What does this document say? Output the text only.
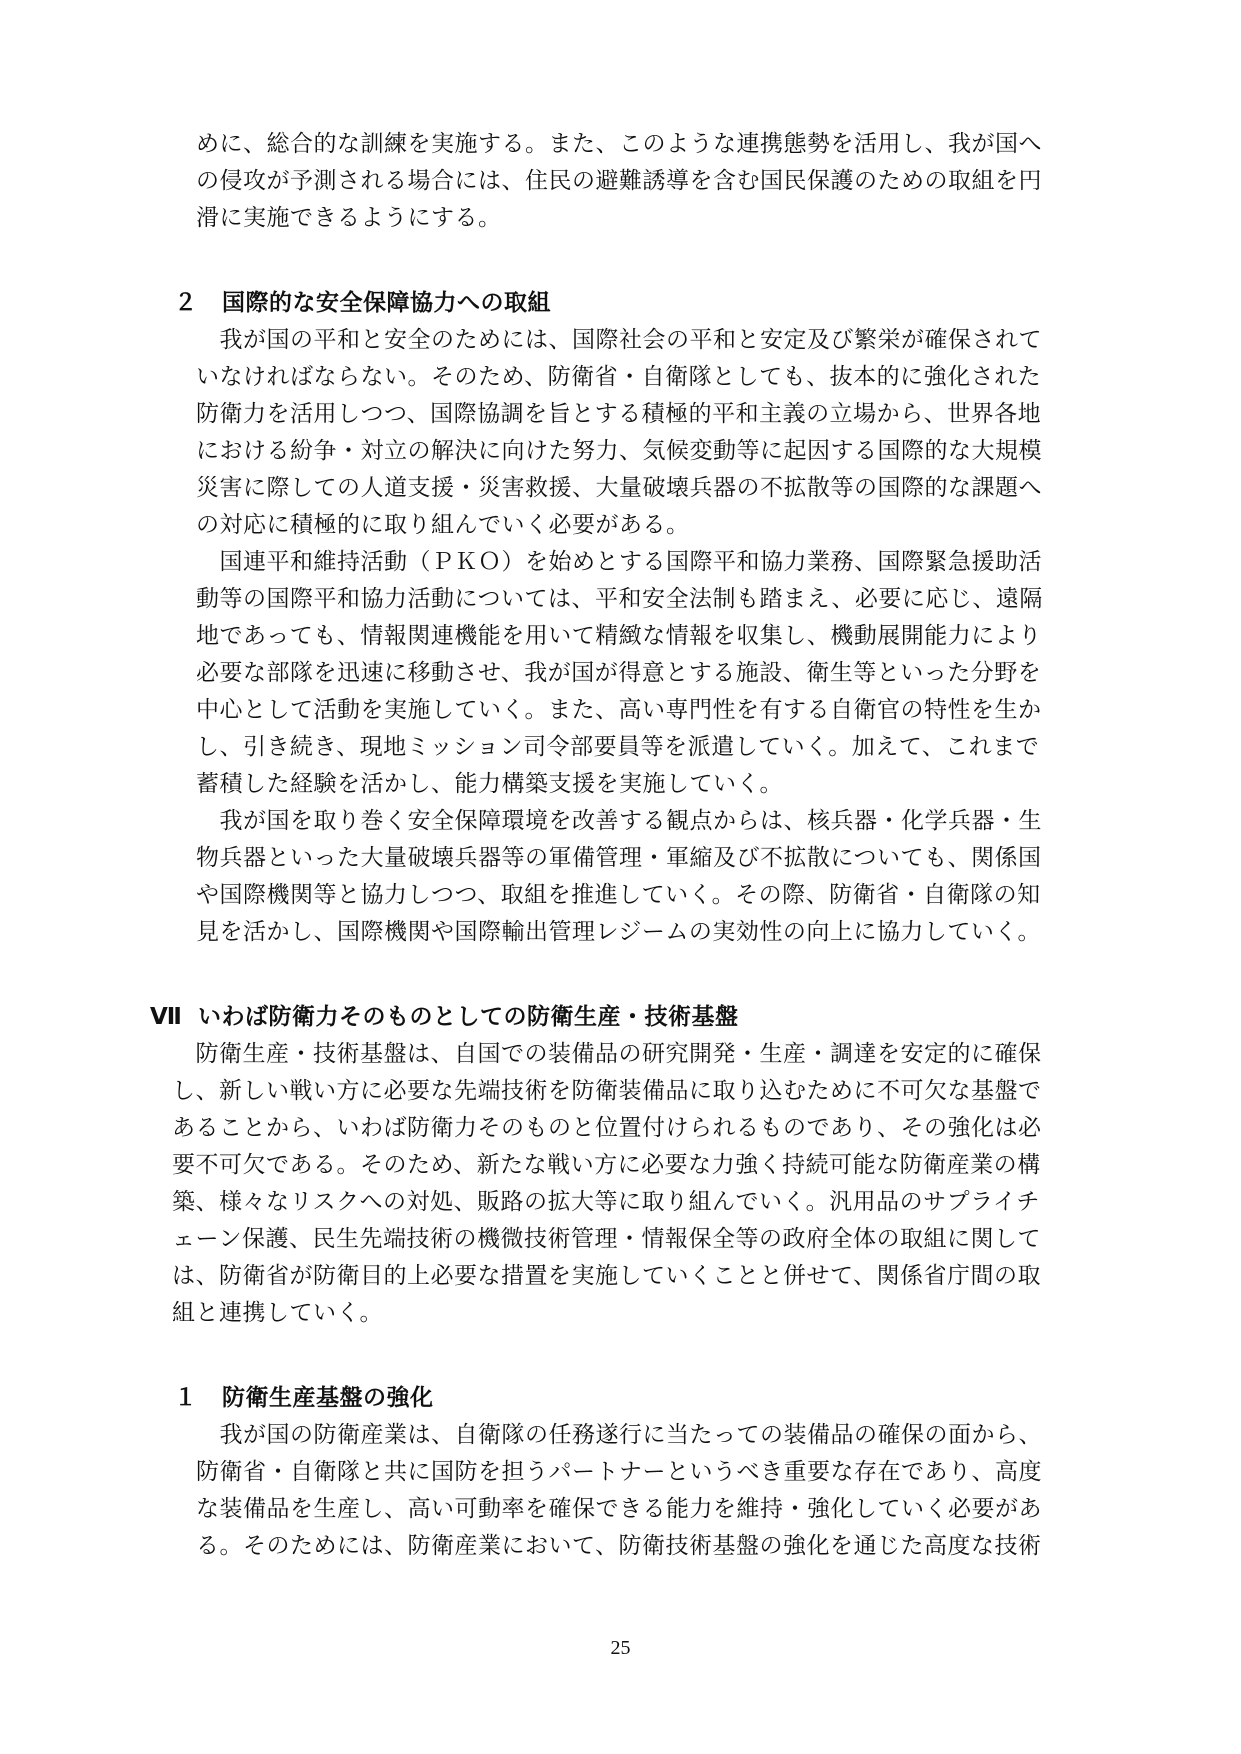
めに、総合的な訓練を実施する。また、このような連携態勢を活用し、我が国へ
の侵攻が予測される場合には、住民の避難誘導を含む国民保護のための取組を円
滑に実施できるようにする。
２ 国際的な安全保障協力への取組
　我が国の平和と安全のためには、国際社会の平和と安定及び繁栄が確保されて
いなければならない。そのため、防衛省・自衛隊としても、抜本的に強化された
防衛力を活用しつつ、国際協調を旨とする積極的平和主義の立場から、世界各地
における紛争・対立の解決に向けた努力、気候変動等に起因する国際的な大規模
災害に際しての人道支援・災害救援、大量破壊兵器の不拡散等の国際的な課題へ
の対応に積極的に取り組んでいく必要がある。
　国連平和維持活動（ＰＫＯ）を始めとする国際平和協力業務、国際緊急援助活
動等の国際平和協力活動については、平和安全法制も踏まえ、必要に応じ、遠隔
地であっても、情報関連機能を用いて精緻な情報を収集し、機動展開能力により
必要な部隊を迅速に移動させ、我が国が得意とする施設、衛生等といった分野を
中心として活動を実施していく。また、高い専門性を有する自衛官の特性を生か
し、引き続き、現地ミッション司令部要員等を派遣していく。加えて、これまで
蓄積した経験を活かし、能力構築支援を実施していく。
　我が国を取り巻く安全保障環境を改善する観点からは、核兵器・化学兵器・生
物兵器といった大量破壊兵器等の軍備管理・軍縮及び不拡散についても、関係国
や国際機関等と協力しつつ、取組を推進していく。その際、防衛省・自衛隊の知
見を活かし、国際機関や国際輸出管理レジームの実効性の向上に協力していく。
Ⅶ いわば防衛力そのものとしての防衛生産・技術基盤
　防衛生産・技術基盤は、自国での装備品の研究開発・生産・調達を安定的に確保
し、新しい戦い方に必要な先端技術を防衛装備品に取り込むために不可欠な基盤で
あることから、いわば防衛力そのものと位置付けられるものであり、その強化は必
要不可欠である。そのため、新たな戦い方に必要な力強く持続可能な防衛産業の構
築、様々なリスクへの対処、販路の拡大等に取り組んでいく。汎用品のサプライチ
ェーン保護、民生先端技術の機微技術管理・情報保全等の政府全体の取組に関して
は、防衛省が防衛目的上必要な措置を実施していくことと併せて、関係省庁間の取
組と連携していく。
１ 防衛生産基盤の強化
　我が国の防衛産業は、自衛隊の任務遂行に当たっての装備品の確保の面から、
防衛省・自衛隊と共に国防を担うパートナーというべき重要な存在であり、高度
な装備品を生産し、高い可動率を確保できる能力を維持・強化していく必要があ
る。そのためには、防衛産業において、防衛技術基盤の強化を通じた高度な技術
25
